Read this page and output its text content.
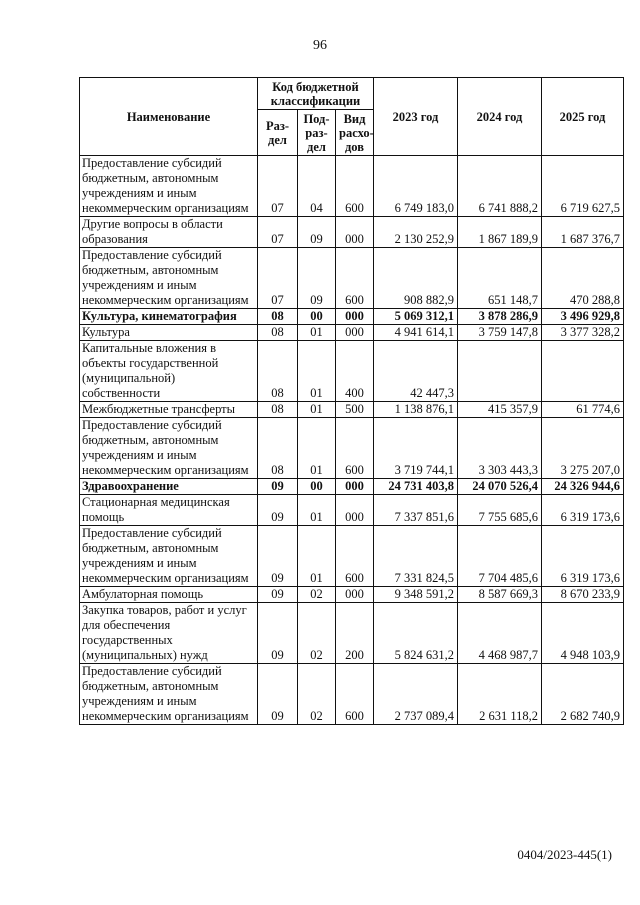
96
Наименование	Код бюджетной классификации			2023 год	2024 год	2025 год
	Раз-дел	Под-раз-дел	Вид расхо-дов			
Предоставление субсидий бюджетным, автономным учреждениям и иным некоммерческим организациям	07	04	600	6 749 183,0	6 741 888,2	6 719 627,5
Другие вопросы в области образования	07	09	000	2 130 252,9	1 867 189,9	1 687 376,7
Предоставление субсидий бюджетным, автономным учреждениям и иным некоммерческим организациям	07	09	600	908 882,9	651 148,7	470 288,8
Культура, кинематография	08	00	000	5 069 312,1	3 878 286,9	3 496 929,8
Культура	08	01	000	4 941 614,1	3 759 147,8	3 377 328,2
Капитальные вложения в объекты государственной (муниципальной) собственности	08	01	400	42 447,3		
Межбюджетные трансферты	08	01	500	1 138 876,1	415 357,9	61 774,6
Предоставление субсидий бюджетным, автономным учреждениям и иным некоммерческим организациям	08	01	600	3 719 744,1	3 303 443,3	3 275 207,0
Здравоохранение	09	00	000	24 731 403,8	24 070 526,4	24 326 944,6
Стационарная медицинская помощь	09	01	000	7 337 851,6	7 755 685,6	6 319 173,6
Предоставление субсидий бюджетным, автономным учреждениям и иным некоммерческим организациям	09	01	600	7 331 824,5	7 704 485,6	6 319 173,6
Амбулаторная помощь	09	02	000	9 348 591,2	8 587 669,3	8 670 233,9
Закупка товаров, работ и услуг для обеспечения государственных (муниципальных) нужд	09	02	200	5 824 631,2	4 468 987,7	4 948 103,9
Предоставление субсидий бюджетным, автономным учреждениям и иным некоммерческим организациям	09	02	600	2 737 089,4	2 631 118,2	2 682 740,9
0404/2023-445(1)
